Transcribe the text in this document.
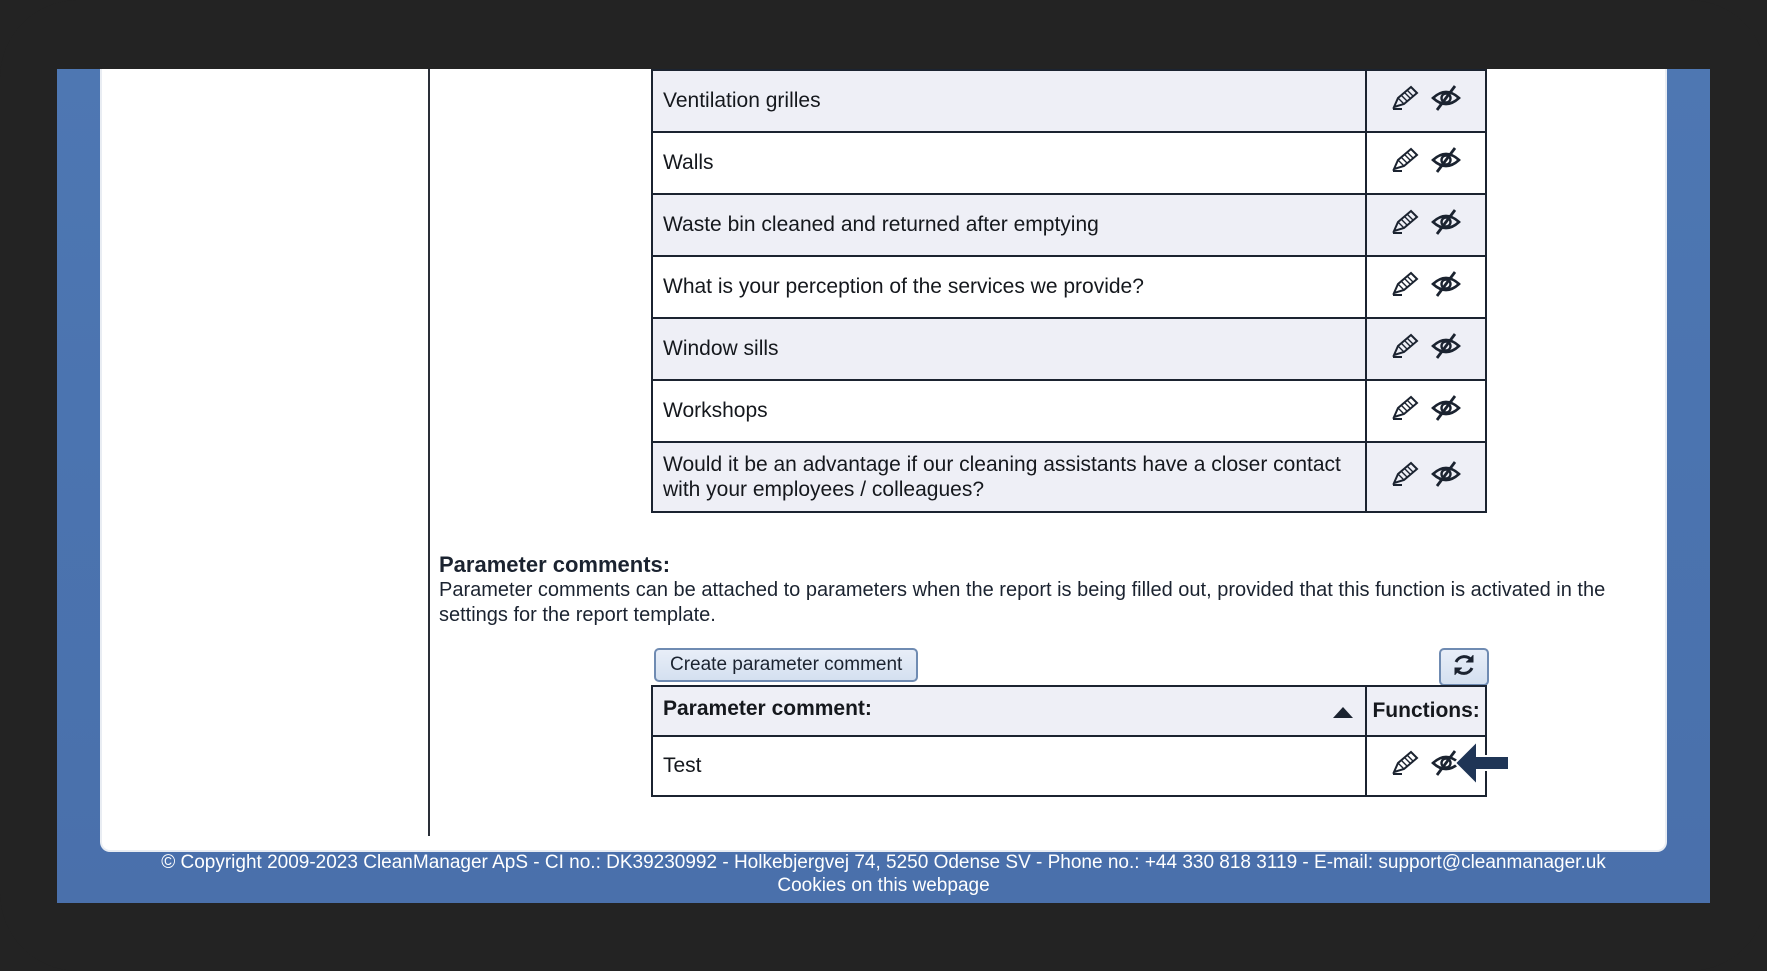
Ventilation grilles	

Walls	

Waste bin cleaned and returned after emptying	

What is your perception of the services we provide?	

Window sills	

Workshops	

Would it be an advantage if our cleaning assistants have a closer contact with your employees / colleagues?	
Parameter comments:
Parameter comments can be attached to parameters when the report is being filled out, provided that this function is activated in the settings for the report template.
Create parameter comment
Parameter comment:	Functions:
Test	
© Copyright 2009-2023 CleanManager ApS - CI no.: DK39230992 - Holkebjergvej 74, 5250 Odense SV - Phone no.: +44 330 818 3119 - E-mail: support@cleanmanager.uk
Cookies on this webpage
